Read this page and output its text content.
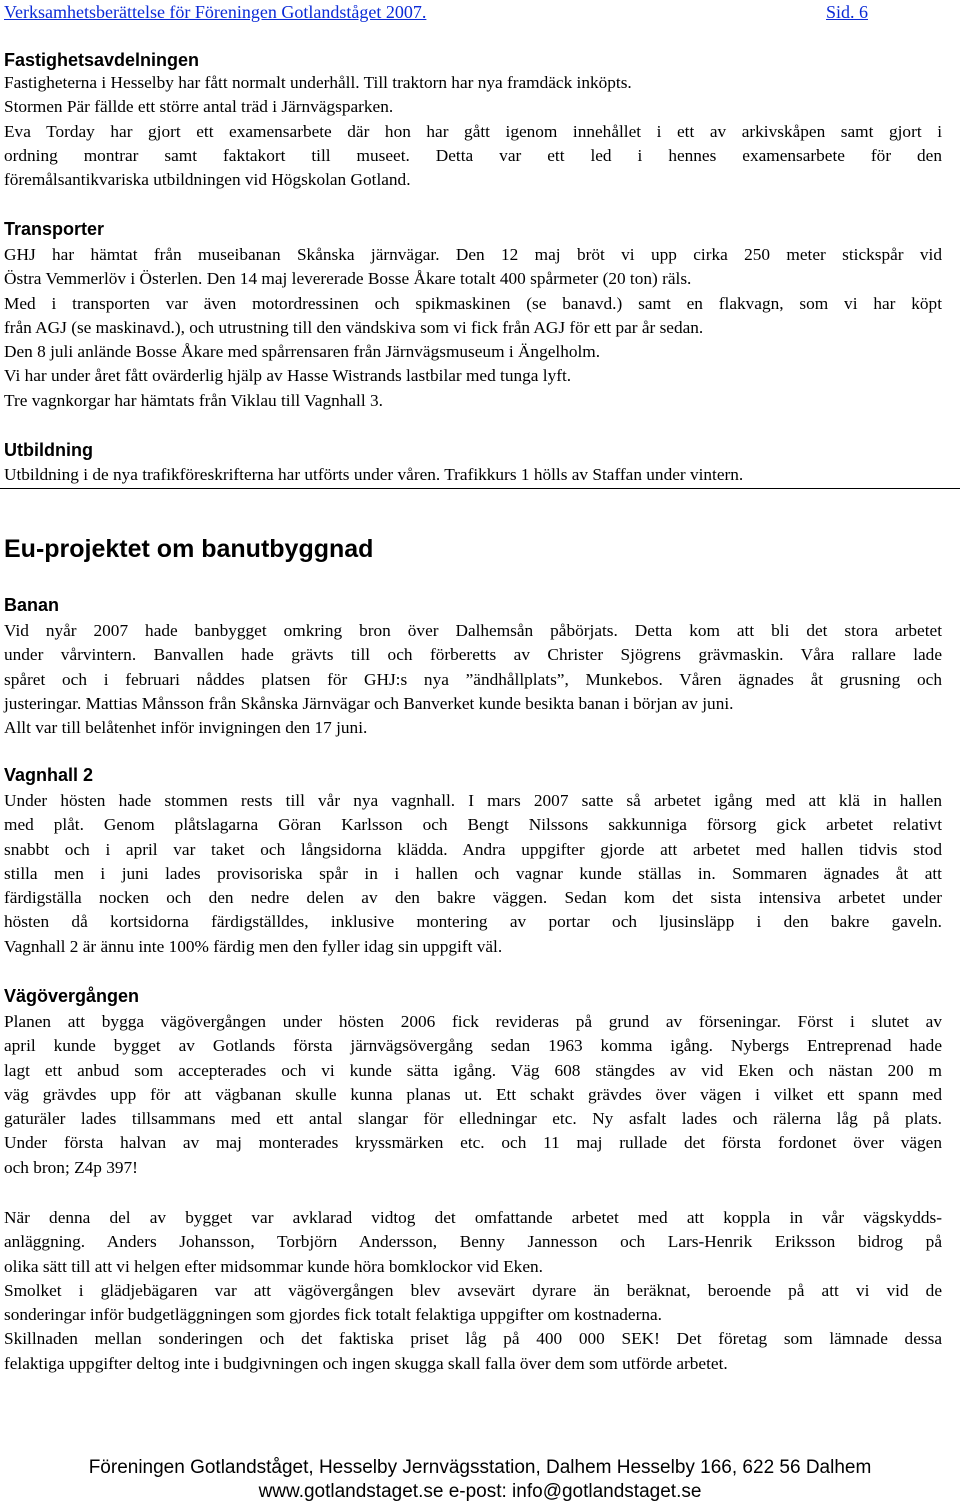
Verksamhetsberättelse för Föreningen Gotlandståget 2007.	Sid. 6
Fastighetsavdelningen
Fastigheterna i Hesselby har fått normalt underhåll. Till traktorn har nya framdäck inköpts.
Stormen Pär fällde ett större antal träd i Järnvägsparken.
Eva Torday har gjort ett examensarbete där hon har gått igenom innehållet i ett av arkivskåpen samt gjort i
ordning montrar samt faktakort till museet. Detta var ett led i hennes examensarbete för den
föremålsantikvariska utbildningen vid Högskolan Gotland.
Transporter
GHJ har hämtat från museibanan Skånska järnvägar. Den 12 maj bröt vi upp cirka 250 meter stickspår vid
Östra Vemmerlöv i Österlen. Den 14 maj levererade Bosse Åkare totalt 400 spårmeter (20 ton) räls.
Med i transporten var även motordressinen och spikmaskinen (se banavd.) samt en flakvagn, som vi har köpt
från AGJ (se maskinavd.), och utrustning till den vändskiva som vi fick från AGJ för ett par år sedan.
Den 8 juli anlände Bosse Åkare med spårrensaren från Järnvägsmuseum i Ängelholm.
Vi har under året fått ovärderlig hjälp av Hasse Wistrands lastbilar med tunga lyft.
Tre vagnkorgar har hämtats från Viklau till Vagnhall 3.
Utbildning
Utbildning i de nya trafikföreskrifterna har utförts under våren. Trafikkurs 1 hölls av Staffan under vintern.
Eu-projektet om banutbyggnad
Banan
Vid nyår 2007 hade banbygget omkring bron över Dalhemsån påbörjats. Detta kom att bli det stora arbetet
under vårvintern. Banvallen hade grävts till och förberetts av Christer Sjögrens grävmaskin. Våra rallare lade
spåret och i februari nåddes platsen för GHJ:s nya ”ändhållplats”, Munkebos. Våren ägnades åt grusning och
justeringar. Mattias Månsson från Skånska Järnvägar och Banverket kunde besikta banan i början av juni.
Allt var till belåtenhet inför invigningen den 17 juni.
Vagnhall 2
Under hösten hade stommen rests till vår nya vagnhall. I mars 2007 satte så arbetet igång med att klä in hallen
med plåt. Genom plåtslagarna Göran Karlsson och Bengt Nilssons sakkunniga försorg gick arbetet relativt
snabbt och i april var taket och långsidorna klädda. Andra uppgifter gjorde att arbetet med hallen tidvis stod
stilla men i juni lades provisoriska spår in i hallen och vagnar kunde ställas in. Sommaren ägnades åt att
färdigställa nocken och den nedre delen av den bakre väggen. Sedan kom det sista intensiva arbetet under
hösten då kortsidorna färdigställdes, inklusive montering av portar och ljusinsläpp i den bakre gaveln.
Vagnhall 2 är ännu inte 100% färdig men den fyller idag sin uppgift väl.
Vägövergången
Planen att bygga vägövergången under hösten 2006 fick revideras på grund av förseningar. Först i slutet av
april kunde bygget av Gotlands första järnvägsövergång sedan 1963 komma igång. Nybergs Entreprenad hade
lagt ett anbud som accepterades och vi kunde sätta igång. Väg 608 stängdes av vid Eken och nästan 200 m
väg grävdes upp för att vägbanan skulle kunna planas ut. Ett schakt grävdes över vägen i vilket ett spann med
gaturäler lades tillsammans med ett antal slangar för elledningar etc. Ny asfalt lades och rälerna låg på plats.
Under första halvan av maj monterades kryssmärken etc. och 11 maj rullade det första fordonet över vägen
och bron; Z4p 397!
När denna del av bygget var avklarad vidtog det omfattande arbetet med att koppla in vår vägskydds-
anläggning. Anders Johansson, Torbjörn Andersson, Benny Jannesson och Lars-Henrik Eriksson bidrog på
olika sätt till att vi helgen efter midsommar kunde höra bomklockor vid Eken.
Smolket i glädjebägaren var att vägövergången blev avsevärt dyrare än beräknat, beroende på att vi vid de
sonderingar inför budgetläggningen som gjordes fick totalt felaktiga uppgifter om kostnaderna.
Skillnaden mellan sonderingen och det faktiska priset låg på 400 000 SEK! Det företag som lämnade dessa
felaktiga uppgifter deltog inte i budgivningen och ingen skugga skall falla över dem som utförde arbetet.
Föreningen Gotlandståget, Hesselby Jernvägsstation, Dalhem Hesselby 166, 622 56 Dalhem
www.gotlandstaget.se e-post: info@gotlandstaget.se
